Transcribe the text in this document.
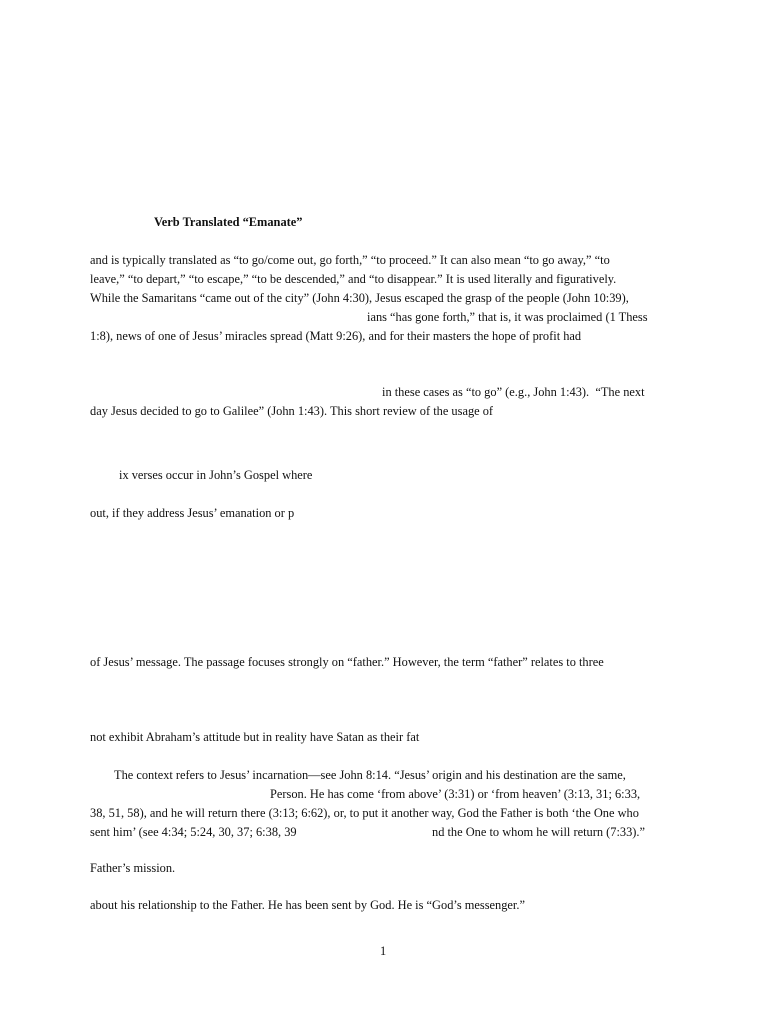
Verb Translated “Emanate”
and is typically translated as “to go/come out, go forth,” “to proceed.” It can also mean “to go away,” “to
leave,” “to depart,” “to escape,” “to be descended,” and “to disappear.” It is used literally and figuratively.
While the Samaritans “came out of the city” (John 4:30), Jesus escaped the grasp of the people (John 10:39),
ians “has gone forth,” that is, it was proclaimed (1 Thess
1:8), news of one of Jesus’ miracles spread (Matt 9:26), and for their masters the hope of profit had
in these cases as “to go” (e.g., John 1:43).  “The next
day Jesus decided to go to Galilee” (John 1:43). This short review of the usage of
ix verses occur in John’s Gospel where
out, if they address Jesus’ emanation or p
of Jesus’ message. The passage focuses strongly on “father.” However, the term “father” relates to three
not exhibit Abraham’s attitude but in reality have Satan as their fat
The context refers to Jesus’ incarnation—see John 8:14. “Jesus’ origin and his destination are the same,
Person. He has come ‘from above’ (3:31) or ‘from heaven’ (3:13, 31; 6:33,
38, 51, 58), and he will return there (3:13; 6:62), or, to put it another way, God the Father is both ‘the One who
sent him’ (see 4:34; 5:24, 30, 37; 6:38, 39	nd the One to whom he will return (7:33).”
Father’s mission.
about his relationship to the Father. He has been sent by God. He is “God’s messenger.”
1
